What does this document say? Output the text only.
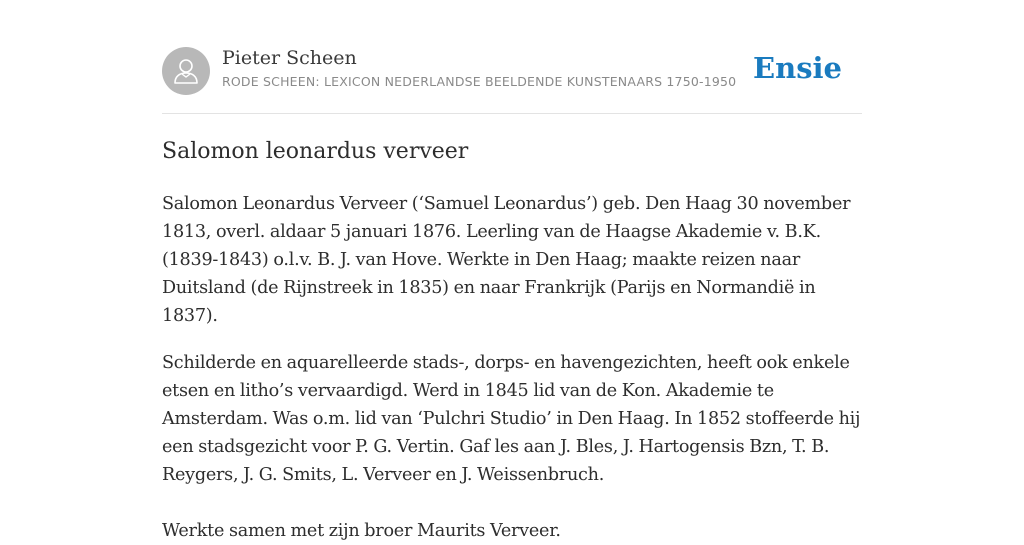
Pieter Scheen
RODE SCHEEN: LEXICON NEDERLANDSE BEELDENDE KUNSTENAARS 1750-1950 Ensie
Salomon leonardus verveer

Salomon Leonardus Verveer (‘Samuel Leonardus’) geb. Den Haag 30 november 1813, overl. aldaar 5 januari 1876. Leerling van de Haagse Akademie v. B.K. (1839-1843) o.l.v. B. J. van Hove. Werkte in Den Haag; maakte reizen naar Duitsland (de Rijnstreek in 1835) en naar Frankrijk (Parijs en Normandië in 1837).

Schilderde en aquarelleerde stads-, dorps- en havengezichten, heeft ook enkele etsen en litho’s vervaardigd. Werd in 1845 lid van de Kon. Akademie te Amsterdam. Was o.m. lid van ‘Pulchri Studio’ in Den Haag. In 1852 stoffeerde hij een stadsgezicht voor P. G. Vertin. Gaf les aan J. Bles, J. Hartogensis Bzn, T. B. Reygers, J. G. Smits, L. Verveer en J. Weissenbruch.

Werkte samen met zijn broer Maurits Verveer.
